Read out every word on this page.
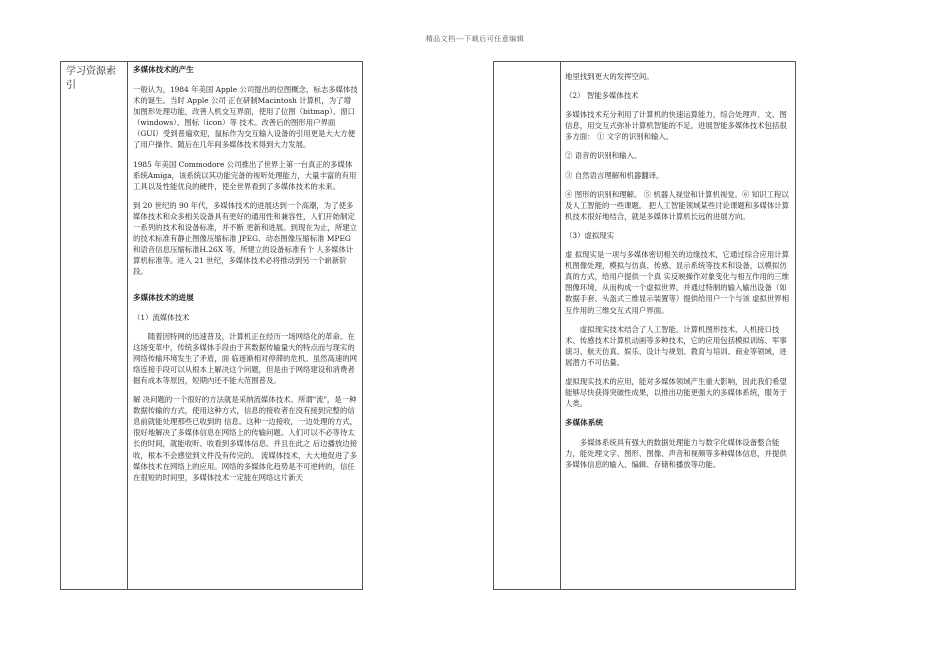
精品文档---下载后可任意编辑
学习资源索引
多媒体技术的产生

一般认为，1984 年美国 Apple 公司提出的位图概念，标志多媒体技术的诞生。当时 Apple 公司 正在研制Macintosh 计算机，为了增加图形处理功能，改善人机交互界面，使用了位图（bitmap）、窗口（windows）、图标（icon）等 技术。改善后的图形用户界面（GUI）受到普遍欢迎，鼠标作为交互输入设备的引用更是大大方便了用户操作。随后在几年间多媒体技术得到大力发展。

1985 年美国 Commodore 公司推出了世界上第一台真正的多媒体系统Amiga，该系统以其功能完备的视听处理能力，大量丰富的有用工具以及性能优良的硬件，使全世界看到了多媒体技术的未来。

到 20 世纪的 90 年代，多媒体技术的进展达到一个高潮，为了使多媒体技术和众多相关设备具有更好的通用性和兼容性，人们开始制定一系列的技术和设备标准，并不断 更新和进展。到现在为止，所建立的技术标准有静止图像压缩标准 JPEG、动态图像压缩标准 MPEG 和语音信息压缩标准H.26X 等，所建立的设备标准有个 人多媒体计算机标准等。进入 21 世纪，多媒体技术必将推动到另一个崭新阶段。

多媒体技术的进展

（1）流媒体技术

随着因特网的迅速普及，计算机正在经历一场网络化的革命。在这场变革中，传统多媒体手段由于其数据传输量大的特点而与现实的网络传输环境发生了矛盾，面 临逐渐相对停滞的危机。虽然高速的网络连接手段可以从根本上解决这个问题，但是由于网络建设和消费者掘有成本等原因，短期内还不能大范围普及。

解 决问题的一个很好的方法就是采纳流媒体技术。所谓"流"，是一种数据传输的方式，使用这种方式，信息的接收者在没有接到完整的信息前就能处理那些已收到的 信息。这种一边接收，一边处理的方式，很好地解决了多媒体信息在网络上的传输问题。人们可以不必等待太长的时间，就能收听、收看到多媒体信息。并且在此之 后边播放边接收，根本不会感觉到文件没有传完的。 流媒体技术，大大地促进了多媒体技术在网络上的应用。网络的多媒体化趋势是不可逆转的，信任在很短的时间里，多媒体技术一定能在网络这片新天

地里找到更大的发挥空间。

（2） 智能多媒体技术

多媒体技术充分利用了计算机的快速运算能力，综合处理声、文、图信息，用交互式弥补计算机智能的不足。进展智能多媒体技术包括很多方面： ① 文字的识别和输入。

② 语音的识别和输入。

③ 自然语言理解和机器翻译。

④ 图形的识别和理解。 ⑤ 机器人视觉和计算机视觉。⑥ 知识工程以及人工智能的一些课题。 把人工智能领域某些讨论课题和多媒体计算机技术很好地结合，就是多媒体计算机长远的进展方向。

（3）虚拟现实

虚 拟现实是一项与多媒体密切相关的边缘技术，它通过综合应用计算机图像处理，模拟与仿真、传感、显示系统等技术和设备，以模拟仿真的方式，给用户提供一个真 实反映操作对象变化与相互作用的三维图像环境，从而构成一个虚拟世界，并通过特制的输入输出设备（如数据手套、头盔式三维显示装置等）提供给用户一个与该 虚拟世界相互作用的三维交互式用户界面。

虚拟现实技术结合了人工智能、计算机图形技术、人机接口技术、传感技术计算机动画等多种技术，它的应用包括模拟训练、军事演习、航天仿真、娱乐、设计与规划、教育与培训、商业等领域，进展潜力不可估量。

虚拟现实技术的应用，能对多媒体领域产生重大影响，因此我们希望能够尽快获得突破性成果，以推出功能更强大的多媒体系统，服务于人类。

多媒体系统

多媒体系统具有强大的数据处理能力与数字化媒体设备整合能力，能处理文字、图形、图像、声音和视频等多种媒体信息，并提供多媒体信息的输入、编辑、存储和播放等功能。
